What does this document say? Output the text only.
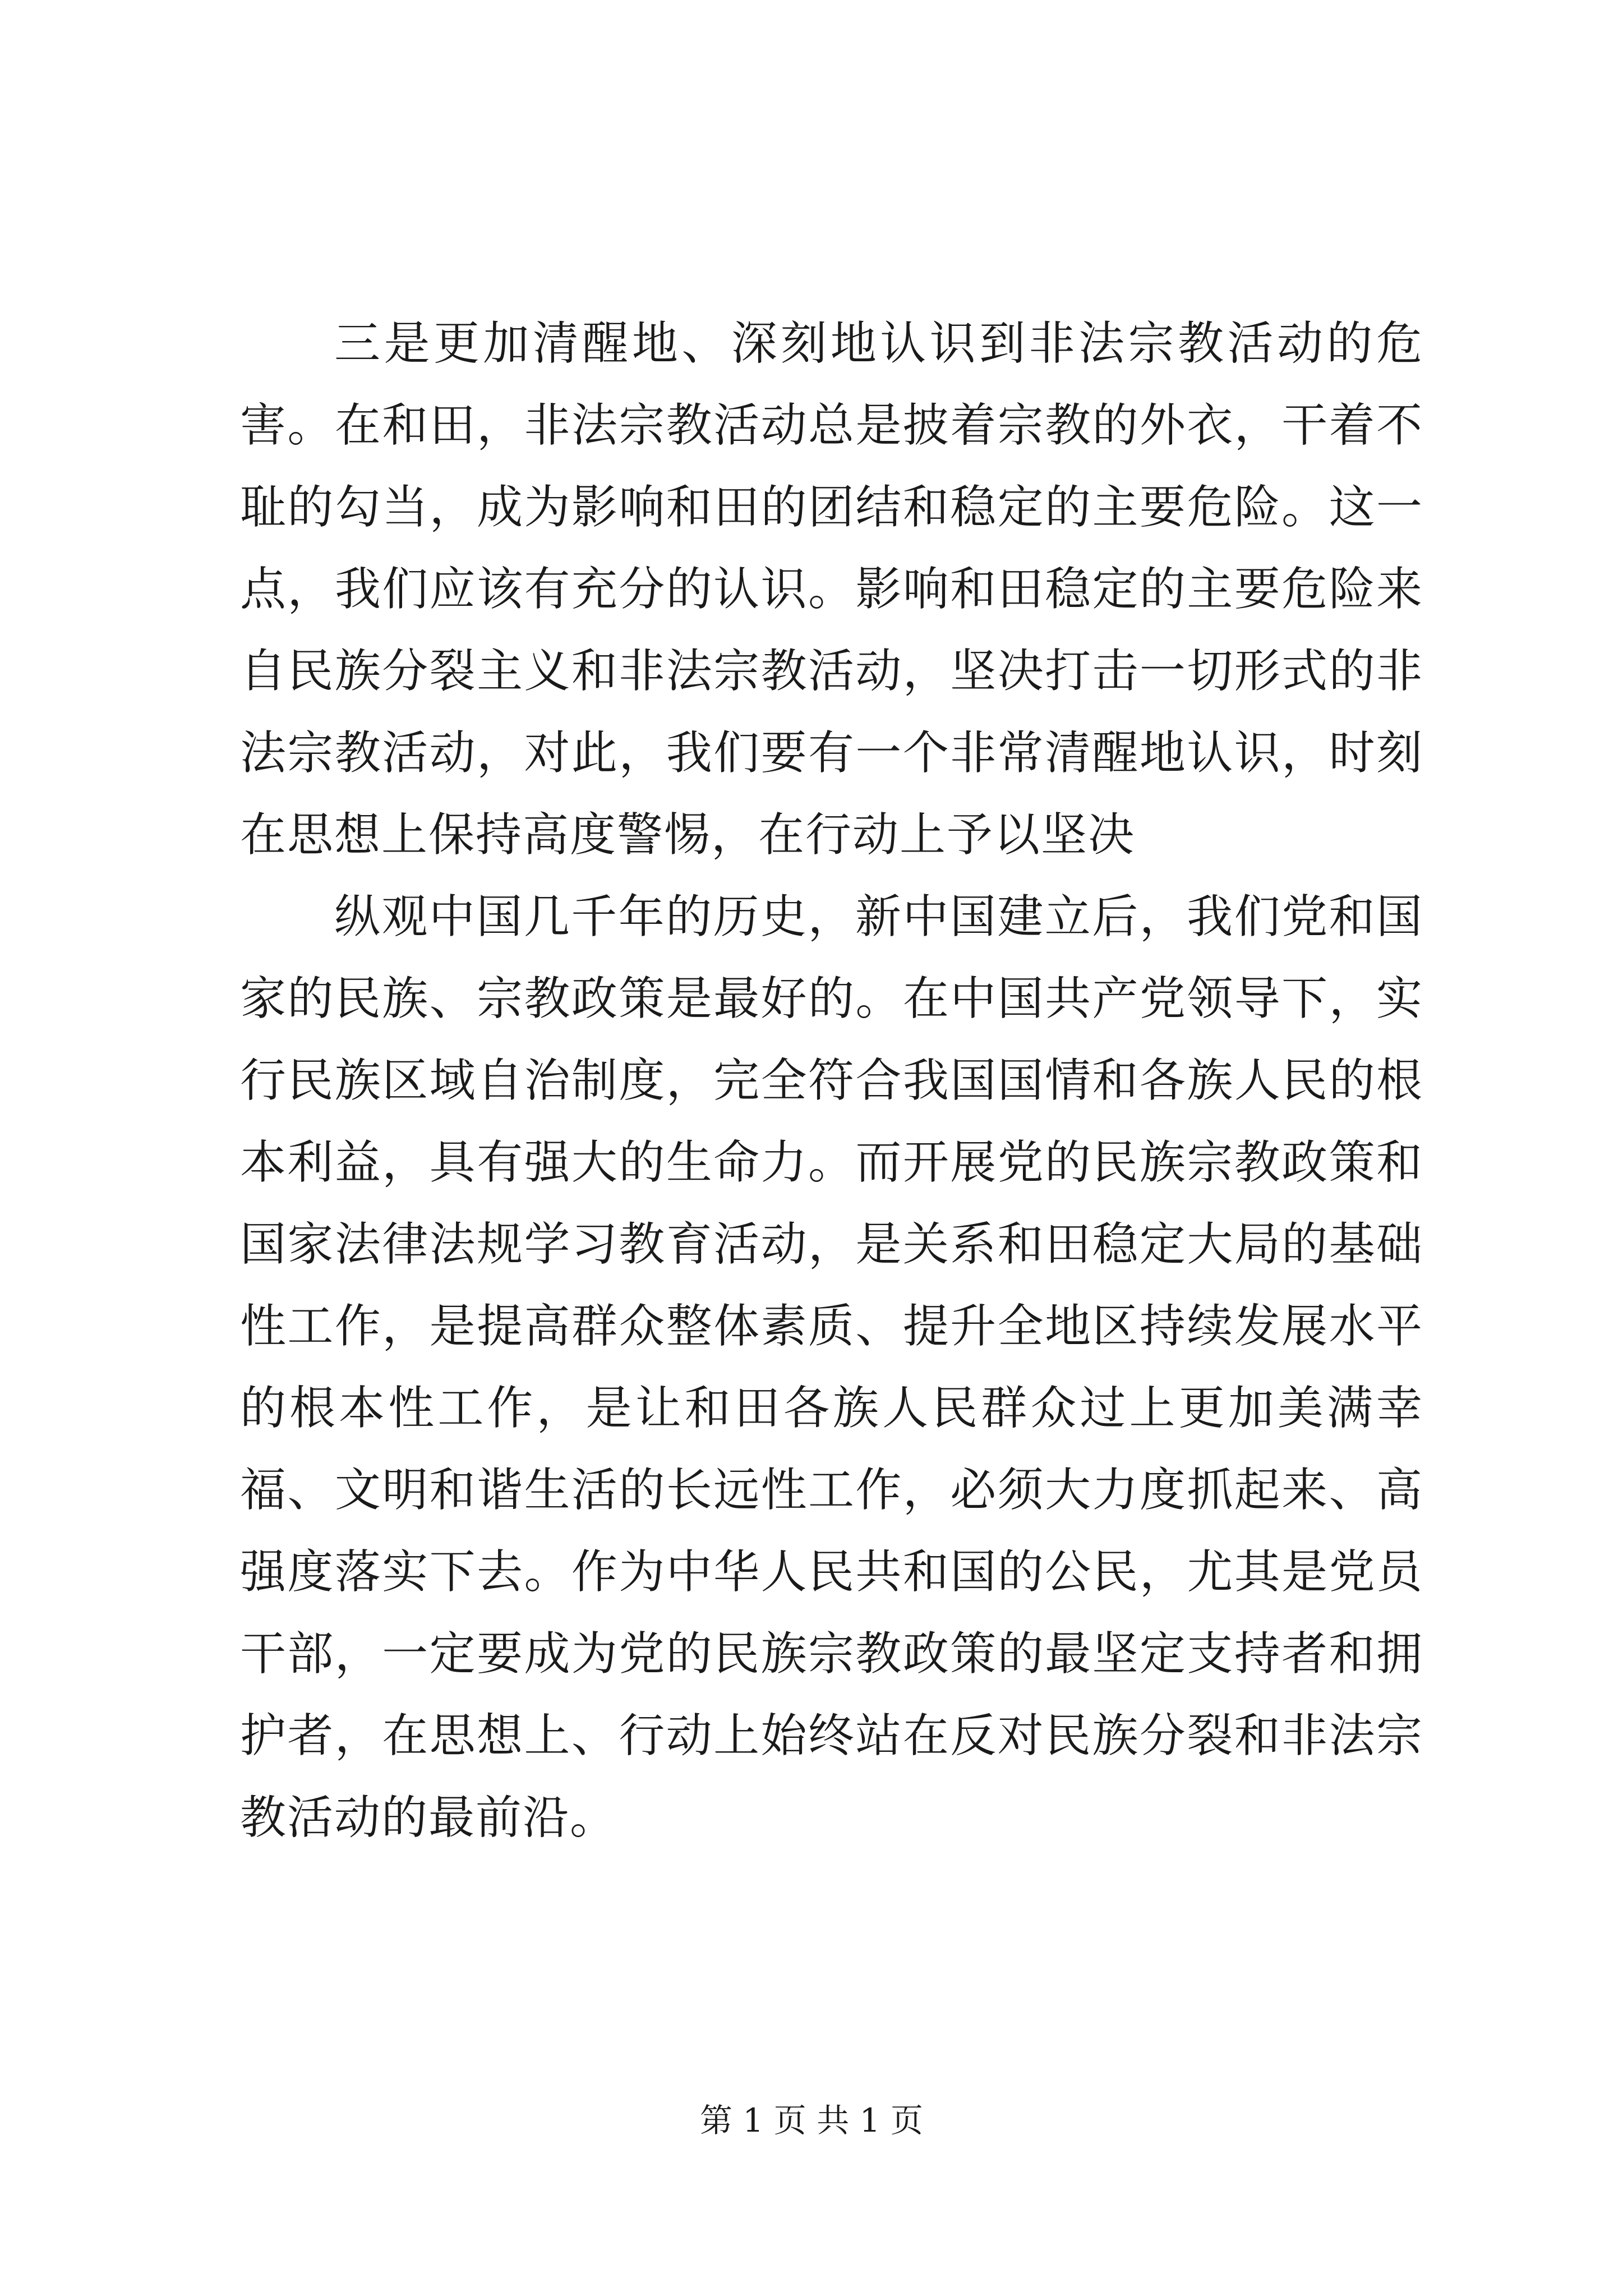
三是更加清醒地、深刻地认识到非法宗教活动的危害。在和田，非法宗教活动总是披着宗教的外衣，干着不耻的勾当，成为影响和田的团结和稳定的主要危险。这一点，我们应该有充分的认识。影响和田稳定的主要危险来自民族分裂主义和非法宗教活动，坚决打击一切形式的非法宗教活动，对此，我们要有一个非常清醒地认识，时刻在思想上保持高度警惕，在行动上予以坚决

纵观中国几千年的历史，新中国建立后，我们党和国家的民族、宗教政策是最好的。在中国共产党领导下，实行民族区域自治制度，完全符合我国国情和各族人民的根本利益，具有强大的生命力。而开展党的民族宗教政策和国家法律法规学习教育活动，是关系和田稳定大局的基础性工作，是提高群众整体素质、提升全地区持续发展水平的根本性工作，是让和田各族人民群众过上更加美满幸福、文明和谐生活的长远性工作，必须大力度抓起来、高强度落实下去。作为中华人民共和国的公民，尤其是党员干部，一定要成为党的民族宗教政策的最坚定支持者和拥护者，在思想上、行动上始终站在反对民族分裂和非法宗教活动的最前沿。

第 1 页 共 1 页
